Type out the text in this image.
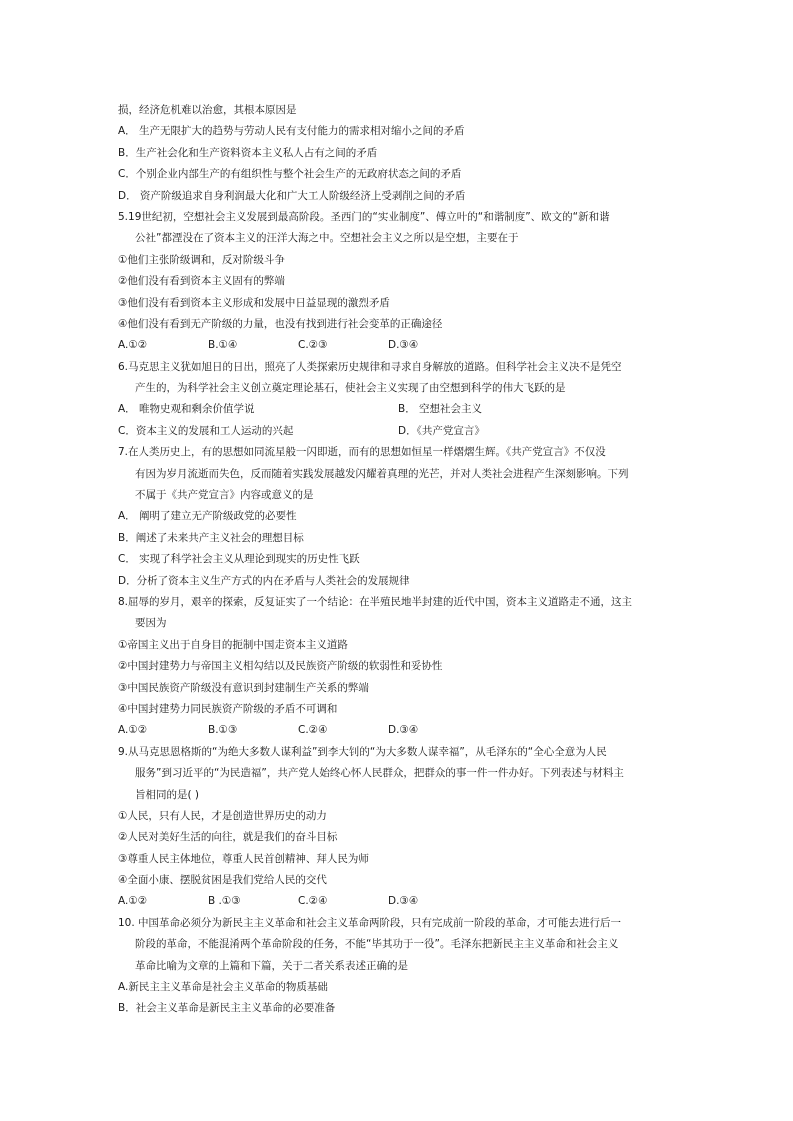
损，经济危机难以治愈，其根本原因是
A． 生产无限扩大的趋势与劳动人民有支付能力的需求相对缩小之间的矛盾
B．生产社会化和生产资料资本主义私人占有之间的矛盾
C．个别企业内部生产的有组织性与整个社会生产的无政府状态之间的矛盾
D． 资产阶级追求自身利润最大化和广大工人阶级经济上受剥削之间的矛盾
5.19世纪初，空想社会主义发展到最高阶段。圣西门的“实业制度”、傅立叶的“和谐制度”、欧文的“新和谐
公社”都湮没在了资本主义的汪洋大海之中。空想社会主义之所以是空想，主要在于
①他们主张阶级调和，反对阶级斗争
②他们没有看到资本主义固有的弊端
③他们没有看到资本主义形成和发展中日益显现的激烈矛盾
④他们没有看到无产阶级的力量，也没有找到进行社会变革的正确途径
A.①②	B.①④	C.②③	D.③④
6.马克思主义犹如旭日的日出，照亮了人类探索历史规律和寻求自身解放的道路。但科学社会主义决不是凭空
产生的，为科学社会主义创立奠定理论基石，使社会主义实现了由空想到科学的伟大飞跃的是
A． 唯物史观和剩余价值学说	B． 空想社会主义
C．资本主义的发展和工人运动的兴起	D．《共产党宣言》
7.在人类历史上，有的思想如同流星般一闪即逝，而有的思想如恒星一样熠熠生辉。《共产党宣言》不仅没
有因为岁月流逝而失色，反而随着实践发展越发闪耀着真理的光芒，并对人类社会进程产生深刻影响。下列
不属于《共产党宣言》内容或意义的是
A． 阐明了建立无产阶级政党的必要性
B．阐述了未来共产主义社会的理想目标
C． 实现了科学社会主义从理论到现实的历史性飞跃
D．分析了资本主义生产方式的内在矛盾与人类社会的发展规律
8.屈辱的岁月，艰辛的探索，反复证实了一个结论：在半殖民地半封建的近代中国，资本主义道路走不通，这主
要因为
①帝国主义出于自身目的扼制中国走资本主义道路
②中国封建势力与帝国主义相勾结以及民族资产阶级的软弱性和妥协性
③中国民族资产阶级没有意识到封建制生产关系的弊端
④中国封建势力同民族资产阶级的矛盾不可调和
A.①②	B.①③	C.②④	D.③④
9.从马克思恩格斯的“为绝大多数人谋利益”到李大钊的“为大多数人谋幸福”，从毛泽东的“全心全意为人民
服务”到习近平的“为民造福”，共产党人始终心怀人民群众，把群众的事一件一件办好。下列表述与材料主
旨相同的是( )
①人民，只有人民，才是创造世界历史的动力
②人民对美好生活的向往，就是我们的奋斗目标
③尊重人民主体地位，尊重人民首创精神、拜人民为师
④全面小康、摆脱贫困是我们党给人民的交代
A.①②	B .①③	C.②④	D.③④
10. 中国革命必须分为新民主主义革命和社会主义革命两阶段，只有完成前一阶段的革命，才可能去进行后一
阶段的革命，不能混淆两个革命阶段的任务，不能“毕其功于一役”。毛泽东把新民主主义革命和社会主义
革命比喻为文章的上篇和下篇，关于二者关系表述正确的是
A.新民主主义革命是社会主义革命的物质基础
B．社会主义革命是新民主主义革命的必要准备
